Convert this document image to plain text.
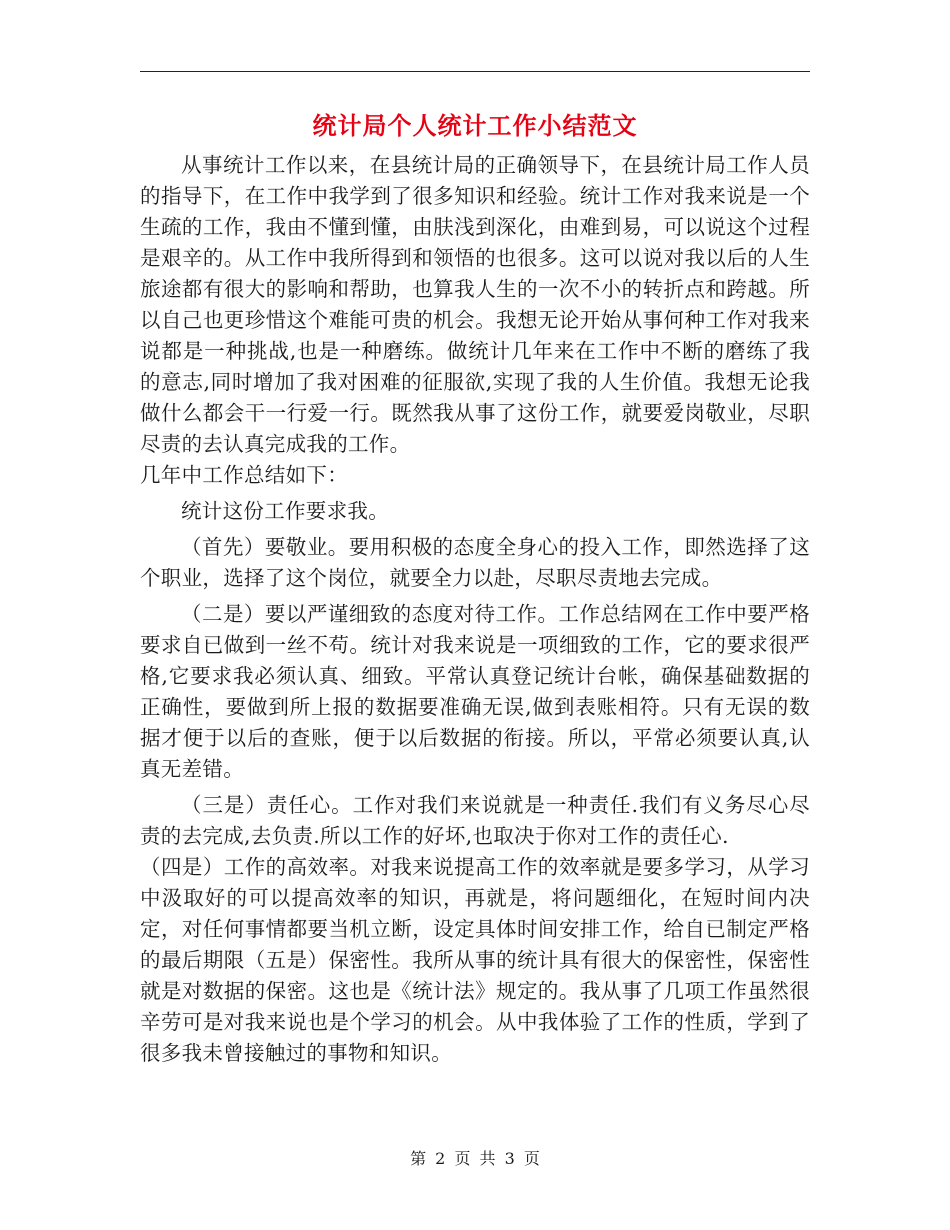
统计局个人统计工作小结范文

从事统计工作以来，在县统计局的正确领导下，在县统计局工作人员的指导下，在工作中我学到了很多知识和经验。统计工作对我来说是一个生疏的工作，我由不懂到懂，由肤浅到深化，由难到易，可以说这个过程是艰辛的。从工作中我所得到和领悟的也很多。这可以说对我以后的人生旅途都有很大的影响和帮助，也算我人生的一次不小的转折点和跨越。所以自己也更珍惜这个难能可贵的机会。我想无论开始从事何种工作对我来说都是一种挑战,也是一种磨练。做统计几年来在工作中不断的磨练了我的意志,同时增加了我对困难的征服欲,实现了我的人生价值。我想无论我做什么都会干一行爱一行。既然我从事了这份工作，就要爱岗敬业，尽职尽责的去认真完成我的工作。

几年中工作总结如下：

统计这份工作要求我。

（首先）要敬业。要用积极的态度全身心的投入工作，即然选择了这个职业，选择了这个岗位，就要全力以赴，尽职尽责地去完成。

（二是）要以严谨细致的态度对待工作。工作总结网在工作中要严格要求自已做到一丝不苟。统计对我来说是一项细致的工作，它的要求很严格,它要求我必须认真、细致。平常认真登记统计台帐，确保基础数据的正确性，要做到所上报的数据要准确无误,做到表账相符。只有无误的数据才便于以后的查账，便于以后数据的衔接。所以，平常必须要认真,认真无差错。

（三是）责任心。工作对我们来说就是一种责任.我们有义务尽心尽责的去完成,去负责.所以工作的好坏,也取决于你对工作的责任心.

（四是）工作的高效率。对我来说提高工作的效率就是要多学习，从学习中汲取好的可以提高效率的知识，再就是，将问题细化，在短时间内决定，对任何事情都要当机立断，设定具体时间安排工作，给自已制定严格的最后期限（五是）保密性。我所从事的统计具有很大的保密性，保密性就是对数据的保密。这也是《统计法》规定的。我从事了几项工作虽然很辛劳可是对我来说也是个学习的机会。从中我体验了工作的性质，学到了很多我未曾接触过的事物和知识。

第 2 页 共 3 页
